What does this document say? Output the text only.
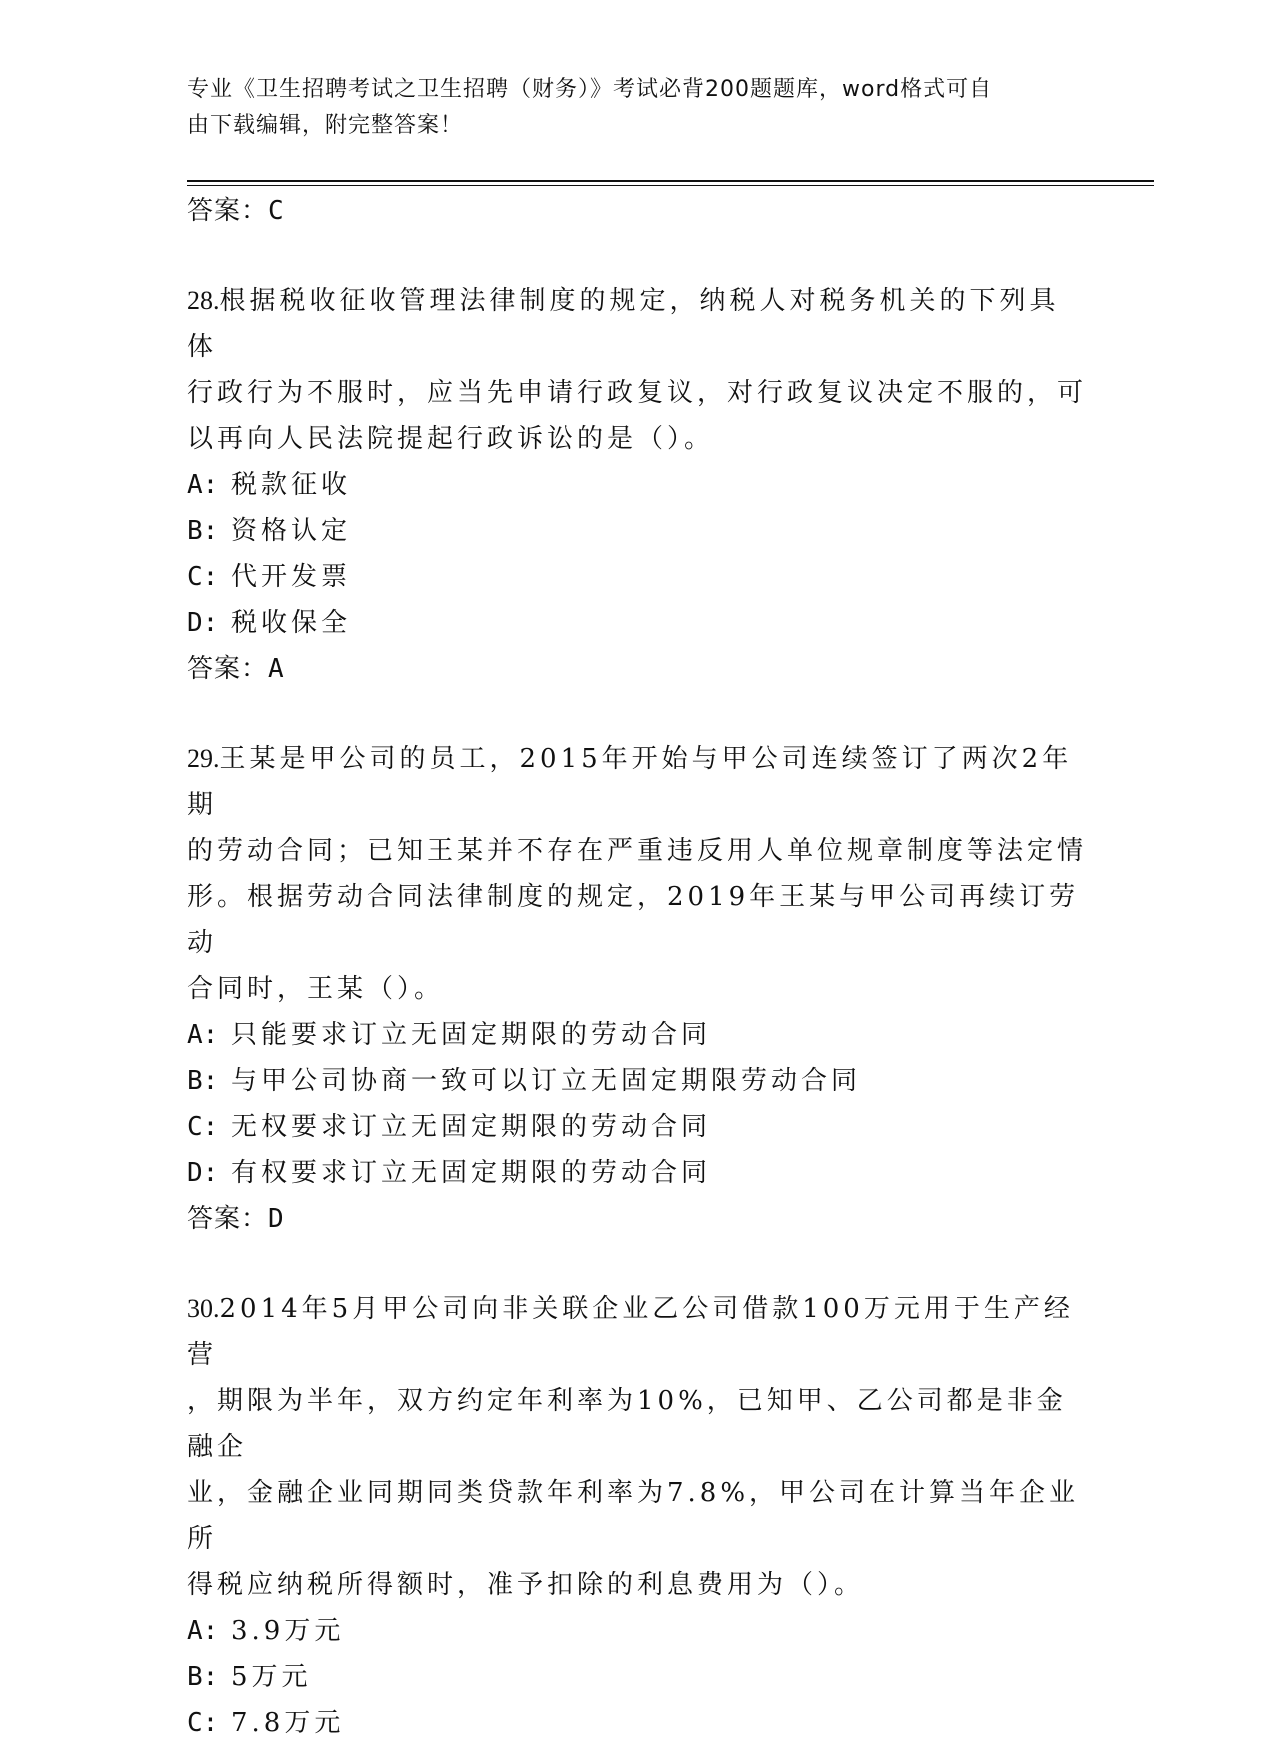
专业《卫生招聘考试之卫生招聘（财务）》考试必背200题题库，word格式可自
由下载编辑，附完整答案！
答案：C
28.根据税收征收管理法律制度的规定，纳税人对税务机关的下列具体
行政行为不服时，应当先申请行政复议，对行政复议决定不服的，可
以再向人民法院提起行政诉讼的是（）。
A: 税款征收
B: 资格认定
C: 代开发票
D: 税收保全
答案：A
29.王某是甲公司的员工，2015年开始与甲公司连续签订了两次2年期
的劳动合同；已知王某并不存在严重违反用人单位规章制度等法定情
形。根据劳动合同法律制度的规定，2019年王某与甲公司再续订劳动
合同时，王某（）。
A: 只能要求订立无固定期限的劳动合同
B: 与甲公司协商一致可以订立无固定期限劳动合同
C: 无权要求订立无固定期限的劳动合同
D: 有权要求订立无固定期限的劳动合同
答案：D
30.2014年5月甲公司向非关联企业乙公司借款100万元用于生产经营
，期限为半年，双方约定年利率为10%，已知甲、乙公司都是非金融企
业，金融企业同期同类贷款年利率为7.8%，甲公司在计算当年企业所
得税应纳税所得额时，准予扣除的利息费用为（）。
A: 3.9万元
B: 5万元
C: 7.8万元
